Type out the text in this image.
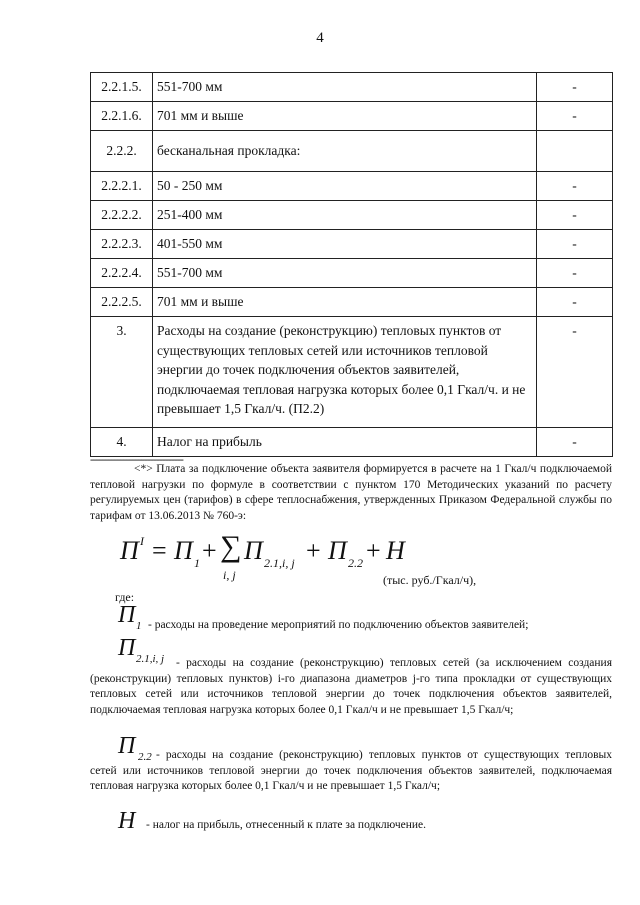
4
2.2.1.5.	551-700 мм	-
2.2.1.6.	701 мм и выше	-
2.2.2.	бесканальная прокладка:	
2.2.2.1.	50 - 250 мм	-
2.2.2.2.	251-400 мм	-
2.2.2.3.	401-550 мм	-
2.2.2.4.	551-700 мм	-
2.2.2.5.	701 мм и выше	-
3.	Расходы на создание (реконструкцию) тепловых пунктов от существующих тепловых сетей или источников тепловой энергии до точек подключения объектов заявителей, подключаемая тепловая нагрузка которых более 0,1 Гкал/ч. и не превышает 1,5 Гкал/ч. (П2.2)	-
4.	Налог на прибыль	-
-------------------------------
<*> Плата за подключение объекта заявителя формируется в расчете на 1 Гкал/ч подключаемой тепловой нагрузки по формуле в соответствии с пунктом 170 Методических указаний по расчету регулируемых цен (тарифов) в сфере теплоснабжения, утвержденных Приказом Федеральной службы по тарифам от 13.06.2013 № 760-э:
П I = П 1 + ∑
i, j
П 2.1,i, j + П 2.2 + Н
(тыс. руб./Гкал/ч),
где:
П 1 - расходы на проведение мероприятий по подключению объектов заявителей;
П 2.1,i, j	- расходы на создание (реконструкцию) тепловых сетей (за исключением создания (реконструкции) тепловых пунктов) i-го диапазона диаметров j-го типа прокладки от существующих тепловых сетей или источников тепловой энергии до точек подключения объектов заявителей, подключаемая тепловая нагрузка которых более 0,1 Гкал/ч и не превышает 1,5 Гкал/ч;
П 2.2 - расходы на создание (реконструкцию) тепловых пунктов от существующих тепловых сетей или источников тепловой энергии до точек подключения объектов заявителей, подключаемая тепловая нагрузка которых более 0,1 Гкал/ч и не превышает 1,5 Гкал/ч;
Н - налог на прибыль, отнесенный к плате за подключение.
